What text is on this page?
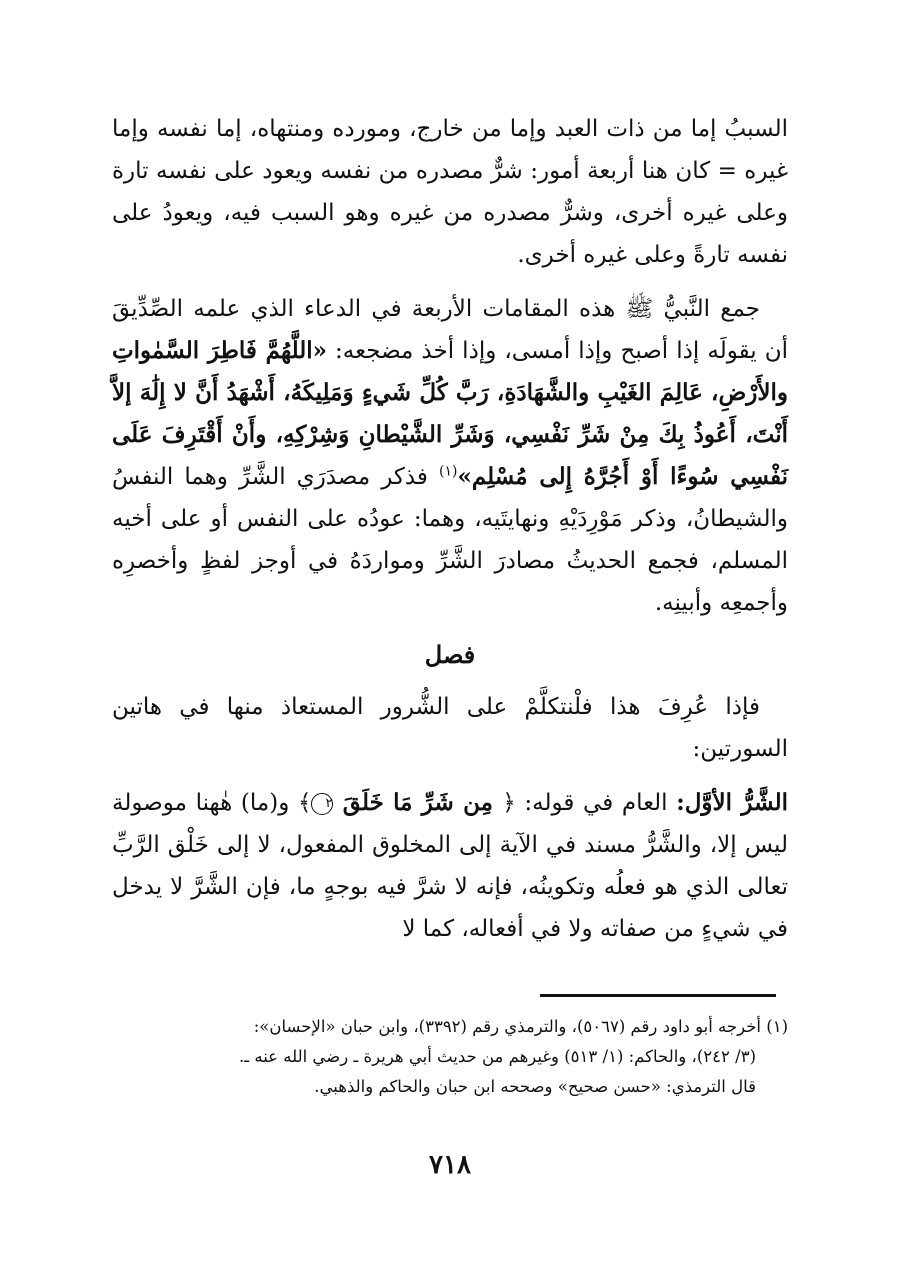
السببُ إما من ذات العبد وإما من خارج، ومورده ومنتهاه، إما نفسه وإما غيره = كان هنا أربعة أمور: شرٌّ مصدره من نفسه ويعود على نفسه تارة وعلى غيره أخرى، وشرٌّ مصدره من غيره وهو السبب فيه، ويعودُ على نفسه تارةً وعلى غيره أخرى.

جمع النَّبيُّ ﷺ هذه المقامات الأربعة في الدعاء الذي علمه الصِّدِّيقَ أن يقولَه إذا أصبح وإذا أمسى، وإذا أخذ مضجعه: «اللَّهُمَّ فَاطِرَ السَّمٰواتِ والأَرْضِ، عَالِمَ الغَيْبِ والشَّهَادَةِ، رَبَّ كُلِّ شَيءٍ وَمَلِيكَهُ، أَشْهَدُ أَنَّ لا إِلَٰهَ إلاَّ أَنْتَ، أَعُوذُ بِكَ مِنْ شَرِّ نَفْسِي، وَشَرِّ الشَّيْطانِ وَشِرْكِهِ، وأَنْ أَقْتَرِفَ عَلَى نَفْسِي سُوءًا أَوْ أَجُرَّهُ إِلى مُسْلِم»$^{(١)}$ فذكر مصدَرَي الشَّرِّ وهما النفسُ والشيطانُ، وذكر مَوْرِدَيْهِ ونهايتَيه، وهما: عودُه على النفس أو على أخيه المسلم، فجمع الحديثُ مصادرَ الشَّرِّ ومواردَهُ في أوجز لفظٍ وأخصرِه وأجمعِه وأبينِه.

فصل

فإذا عُرِفَ هذا فلْنتكلَّمْ على الشُّرور المستعاذ منها في هاتين السورتين:

الشَّرُّ الأوَّل: العام في قوله: ﴿ مِن شَرِّ مَا خَلَقَ ٢﴾ و(ما) هٰهنا موصولة ليس إلا، والشَّرُّ مسند في الآية إلى المخلوق المفعول، لا إلى خَلْق الرَّبِّ تعالى الذي هو فعلُه وتكوينُه، فإنه لا شرَّ فيه بوجهٍ ما، فإن الشَّرَّ لا يدخل في شيءٍ من صفاته ولا في أفعاله، كما لا

(١) أخرجه أبو داود رقم (٥٠٦٧)، والترمذي رقم (٣٣٩٢)، وابن حبان «الإحسان»:

(٣/ ٢٤٢)، والحاكم: (١/ ٥١٣) وغيرهم من حديث أبي هريرة ـ رضي الله عنه ـ.

قال الترمذي: «حسن صحيح» وصححه ابن حبان والحاكم والذهبي.

٧١٨
